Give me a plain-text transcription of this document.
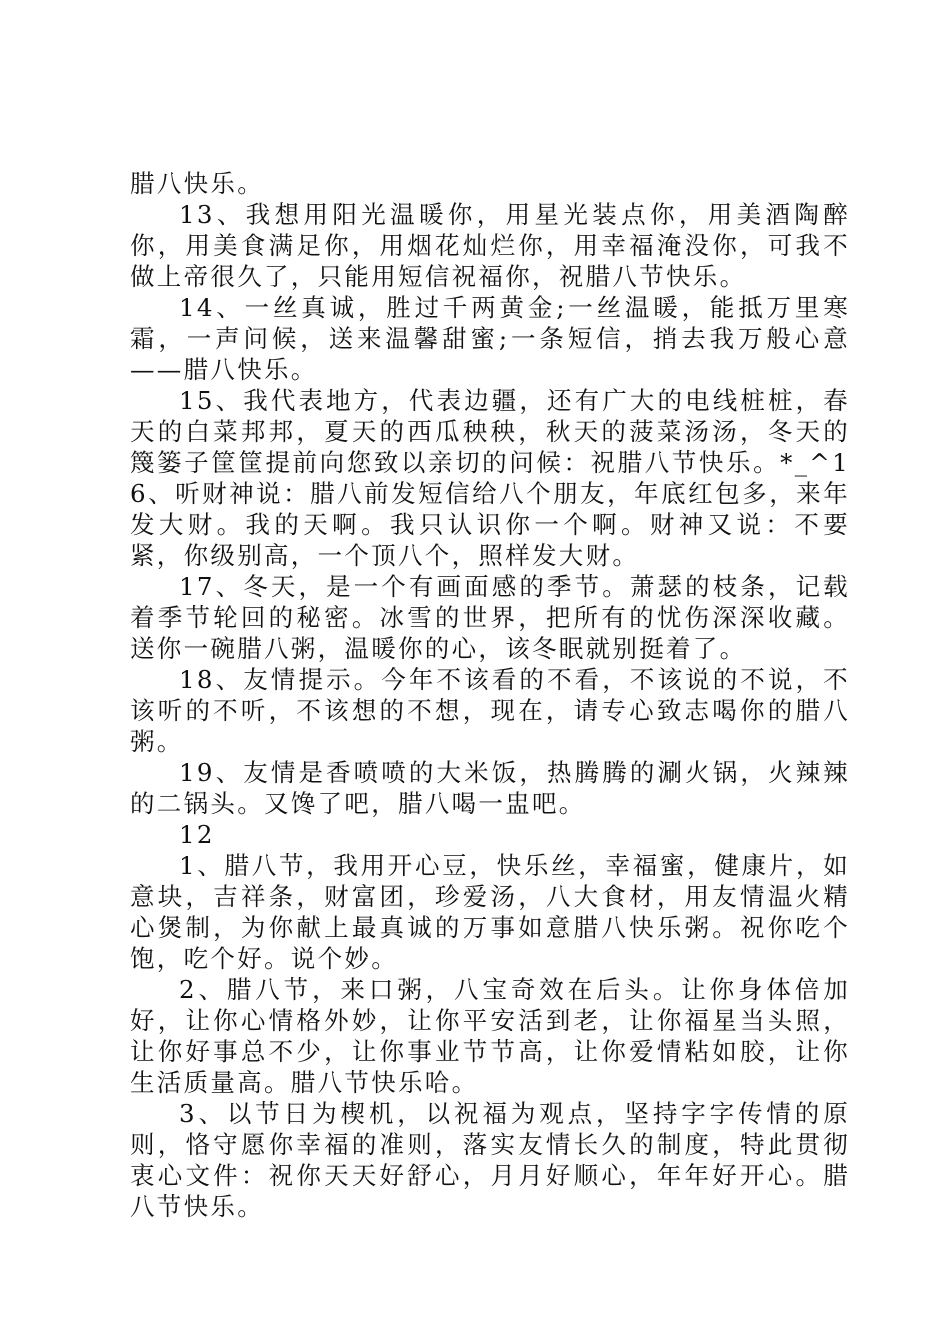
腊八快乐。

13、我想用阳光温暖你，用星光装点你，用美酒陶醉你，用美食满足你，用烟花灿烂你，用幸福淹没你，可我不做上帝很久了，只能用短信祝福你，祝腊八节快乐。

14、一丝真诚，胜过千两黄金;一丝温暖，能抵万里寒霜，一声问候，送来温馨甜蜜;一条短信，捎去我万般心意——腊八快乐。

15、我代表地方，代表边疆，还有广大的电线桩桩，春天的白菜邦邦，夏天的西瓜秧秧，秋天的菠菜汤汤，冬天的篾篓子筐筐提前向您致以亲切的问候：祝腊八节快乐。*_^16、听财神说：腊八前发短信给八个朋友，年底红包多，来年发大财。我的天啊。我只认识你一个啊。财神又说：不要紧，你级别高，一个顶八个，照样发大财。

17、冬天，是一个有画面感的季节。萧瑟的枝条，记载着季节轮回的秘密。冰雪的世界，把所有的忧伤深深收藏。送你一碗腊八粥，温暖你的心，该冬眠就别挺着了。

18、友情提示。今年不该看的不看，不该说的不说，不该听的不听，不该想的不想，现在，请专心致志喝你的腊八粥。

19、友情是香喷喷的大米饭，热腾腾的涮火锅，火辣辣的二锅头。又馋了吧，腊八喝一盅吧。

12

1、腊八节，我用开心豆，快乐丝，幸福蜜，健康片，如意块，吉祥条，财富团，珍爱汤，八大食材，用友情温火精心煲制，为你献上最真诚的万事如意腊八快乐粥。祝你吃个饱，吃个好。说个妙。

2、腊八节，来口粥，八宝奇效在后头。让你身体倍加好，让你心情格外妙，让你平安活到老，让你福星当头照，让你好事总不少，让你事业节节高，让你爱情粘如胶，让你生活质量高。腊八节快乐哈。

3、以节日为楔机，以祝福为观点，坚持字字传情的原则，恪守愿你幸福的准则，落实友情长久的制度，特此贯彻衷心文件：祝你天天好舒心，月月好顺心，年年好开心。腊八节快乐。
